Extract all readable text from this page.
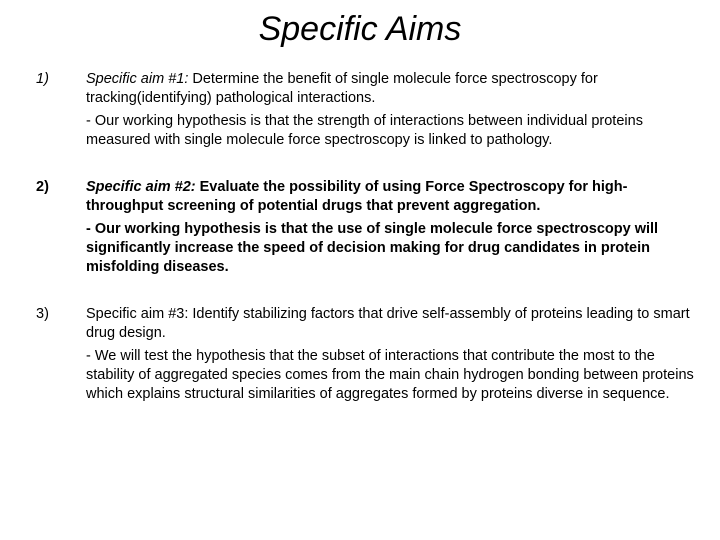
Specific Aims
1)	Specific aim #1: Determine the benefit of single molecule force spectroscopy for tracking(identifying) pathological interactions.

- Our working hypothesis is that the strength of interactions between individual proteins measured with single molecule force spectroscopy is linked to pathology.

2)	Specific aim #2: Evaluate the possibility of using Force Spectroscopy for high-throughput screening of potential drugs that prevent aggregation.

- Our working hypothesis is that the use of single molecule force spectroscopy will significantly increase the speed of decision making for drug candidates in protein misfolding diseases.

3)	Specific aim #3: Identify stabilizing factors that drive self-assembly of proteins leading to smart drug design.

- We will test the hypothesis that the subset of interactions that contribute the most to the stability of aggregated species comes from the main chain hydrogen bonding between proteins which explains structural similarities of aggregates formed by proteins diverse in sequence.
